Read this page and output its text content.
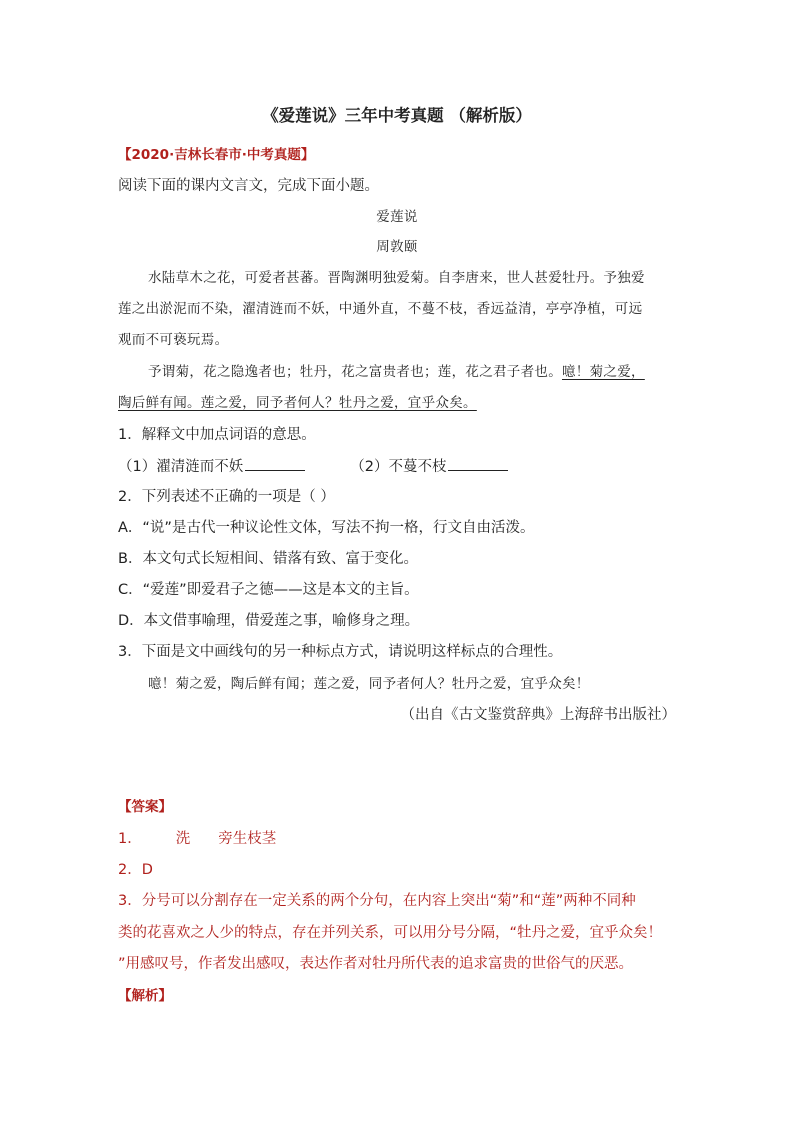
《爱莲说》三年中考真题 （解析版）
【2020·吉林长春市·中考真题】
阅读下面的课内文言文，完成下面小题。
爱莲说
周敦颐
水陆草木之花，可爱者甚蕃。晋陶渊明独爱菊。自李唐来，世人甚爱牡丹。予独爱
莲之出淤泥而不染，濯清涟而不妖，中通外直，不蔓不枝，香远益清，亭亭净植，可远
观而不可亵玩焉。
予谓菊，花之隐逸者也；牡丹，花之富贵者也；莲，花之君子者也。噫！菊之爱，
陶后鲜有闻。莲之爱，同予者何人？牡丹之爱，宜乎众矣。
1．解释文中加点词语的意思。
（1）濯清涟而不妖	（2）不蔓不枝
2．下列表述不正确的一项是（ ）
A．“说”是古代一种议论性文体，写法不拘一格，行文自由活泼。
B．本文句式长短相间、错落有致、富于变化。
C．“爱莲”即爱君子之德——这是本文的主旨。
D．本文借事喻理，借爱莲之事，喻修身之理。
3．下面是文中画线句的另一种标点方式，请说明这样标点的合理性。
噫！菊之爱，陶后鲜有闻；莲之爱，同予者何人？牡丹之爱，宜乎众矣！
（出自《古文鉴赏辞典》上海辞书出版社）
【答案】
1． 洗 旁生枝茎
2．D
3．分号可以分割存在一定关系的两个分句，在内容上突出“菊”和“莲”两种不同种
类的花喜欢之人少的特点，存在并列关系，可以用分号分隔，“牡丹之爱，宜乎众矣！
”用感叹号，作者发出感叹，表达作者对牡丹所代表的追求富贵的世俗气的厌恶。
【解析】
